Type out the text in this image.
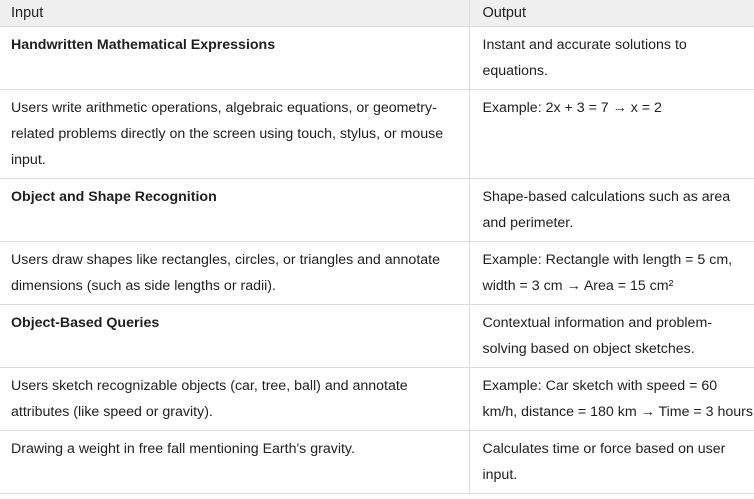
Input	Output
Handwritten Mathematical Expressions	Instant and accurate solutions to equations.
Users write arithmetic operations, algebraic equations, or geometry-related problems directly on the screen using touch, stylus, or mouse input.	Example: 2x + 3 = 7 → x = 2
Object and Shape Recognition	Shape-based calculations such as area and perimeter.
Users draw shapes like rectangles, circles, or triangles and annotate dimensions (such as side lengths or radii).	Example: Rectangle with length = 5 cm, width = 3 cm → Area = 15 cm²
Object-Based Queries	Contextual information and problem-solving based on object sketches.
Users sketch recognizable objects (car, tree, ball) and annotate attributes (like speed or gravity).	Example: Car sketch with speed = 60 km/h, distance = 180 km → Time = 3 hours
Drawing a weight in free fall mentioning Earth's gravity.	Calculates time or force based on user input.
